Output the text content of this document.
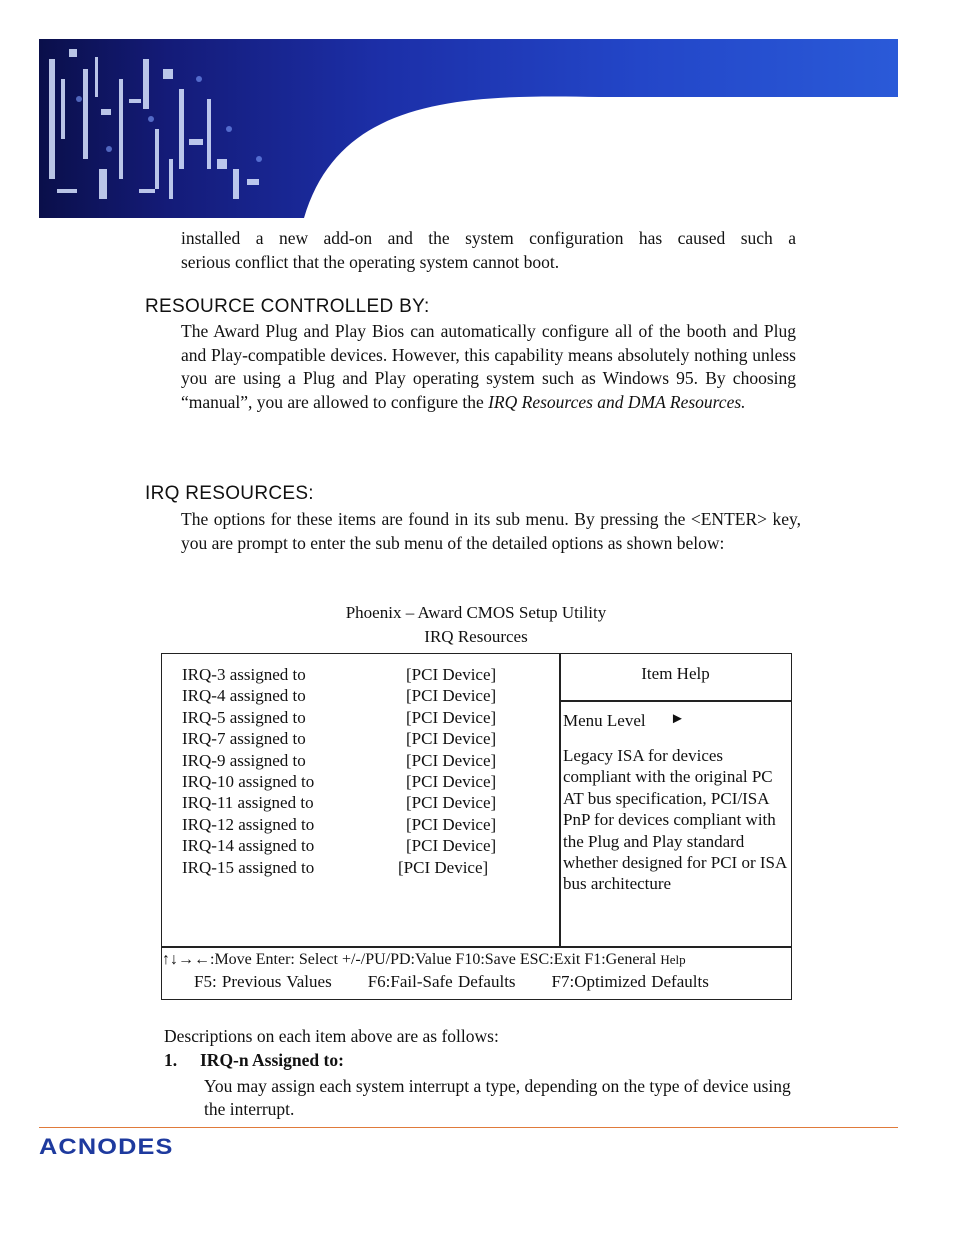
installed a new add-on and the system configuration has caused such a

serious conflict that the operating system cannot boot.

RESOURCE CONTROLLED BY:
The Award Plug and Play Bios can automatically configure all of the booth and Plug and Play-compatible devices. However, this capability means absolutely nothing unless you are using a Plug and Play operating system such as Windows 95. By choosing “manual”, you are allowed to configure the IRQ Resources and DMA Resources.
IRQ RESOURCES:
The options for these items are found in its sub menu. By pressing the <ENTER> key, you are prompt to enter the sub menu of the detailed options as shown below:
Phoenix – Award CMOS Setup Utility
IRQ Resources
IRQ-3 assigned to	[PCI Device]
IRQ-4 assigned to	[PCI Device]
IRQ-5 assigned to	[PCI Device]
IRQ-7 assigned to	[PCI Device]
IRQ-9 assigned to	[PCI Device]
IRQ-10 assigned to	[PCI Device]
IRQ-11 assigned to	[PCI Device]
IRQ-12 assigned to	[PCI Device]
IRQ-14 assigned to	[PCI Device]
IRQ-15 assigned to	[PCI Device]
Item Help
Menu Level ►
Legacy ISA for devices compliant with the original PC AT bus specification, PCI/ISA PnP for devices compliant with the Plug and Play standard whether designed for PCI or ISA bus architecture
↑↓→←:Move Enter: Select +/-/PU/PD:Value F10:Save ESC:Exit F1:General Help
F5: Previous Values F6:Fail-Safe Defaults F7:Optimized Defaults
Descriptions on each item above are as follows:
1. IRQ-n Assigned to:
You may assign each system interrupt a type, depending on the type of device using the interrupt.
ACNODES
